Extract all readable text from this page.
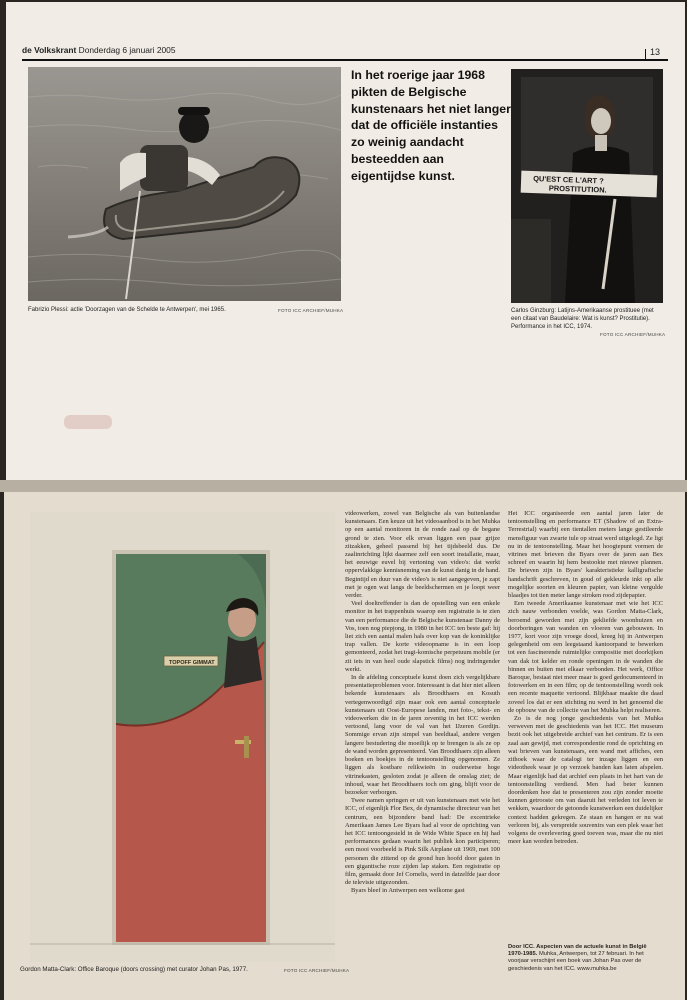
de Volkskrant Donderdag 6 januari 2005	13
Fabrizio Plessi: actie 'Doorzagen van de Schelde te Antwerpen', mei 1965.	FOTO ICC ARCHIEF/MUHKA
In het roerige jaar 1968 pikten de Belgische kunstenaars het niet langer dat de officiële instanties zo weinig aandacht besteedden aan eigentijdse kunst.	QU'EST CE L'ART ?
PROSTITUTION.
Carlos Ginzburg: Latijns-Amerikaanse prostituee (met een citaat van Baudelaire: Wat is kunst? Prostitutie). Performance in het ICC, 1974.
FOTO ICC ARCHIEF/MUHKA
TOPOFF GIMMAT
Gordon Matta-Clark: Office Baroque (doors crossing) met curator Johan Pas, 1977.	FOTO ICC ARCHIEF/MUHKA

videowerken, zowel van Belgische als van buitenlandse kunstenaars. Een keuze uit het videoaanbod is in het Muhka op een aantal monitoren in de ronde zaal op de begane grond te zien. Voor elk ervan liggen een paar grijze zitzakken, geheel passend bij het tijdsbeeld dus. De zaalinrichting lijkt daarmee zelf een soort installatie, maar, het eeuwige euvel bij vertoning van video's: dat werkt oppervlakkige kennisneming van de kunst danig in de hand. Begintijd en duur van de video's is niet aangegeven, je zapt met je ogen wat langs de beeldschermen en je loopt weer verder.

Veel doeltreffender is dan de opstelling van een enkele monitor in het trappenhuis waarop een registratie is te zien van een performance die de Belgische kunstenaar Danny de Vos, toen nog piepjong, in 1980 in het ICC ten beste gaf: hij liet zich een aantal malen hals over kop van de koninklijke trap vallen. De korte videoopname is in een loop gemonteerd, zodat het tragi-komische perpetuum mobile (er zit iets in van heel oude slapstick films) nog indringender werkt.

In de afdeling conceptuele kunst doen zich vergelijkbare presentatieproblemen voor. Interessant is dat hier niet alleen bekende kunstenaars als Broodthaers en Kosuth vertegenwoordigd zijn maar ook een aantal conceptuele kunstenaars uit Oost-Europese landen, met foto-, tekst- en videowerken die in de jaren zeventig in het ICC werden vertoond, lang voor de val van het IJzeren Gordijn. Sommige ervan zijn simpel van beeldtaal, andere vergen langere bestudering die moeilijk op te brengen is als ze op de wand worden gepresenteerd. Van Broodthaers zijn alleen boeken en boekjes in de tentoonstelling opgenomen. Ze liggen als kostbare relikwieën in ouderwetse hoge vitrinekasten, gesloten zodat je alleen de omslag ziet; de inhoud, waar het Broodthaers toch om ging, blijft voor de bezoeker verborgen.

Twee namen springen er uit van kunstenaars met wie het ICC, of eigenlijk Flor Bex, de dynamische directeur van het centrum, een bijzondere band had: De excentrieke Amerikaan James Lee Byars had al voor de oprichting van het ICC tentoongesteld in de Wide White Space en hij had performances gedaan waarin het publiek kon participeren; een mooi voorbeeld is Pink Silk Airplane uit 1969, met 100 personen die zittend op de grond hun hoofd door gaten in een gigantische roze zijden lap staken. Een registratie op film, gemaakt door Jef Cornelis, werd in datzelfde jaar door de televisie uitgezonden.

Byars bleef in Antwerpen een welkome gast

Het ICC organiseerde een aantal jaren later de tentoonstelling en performance ET (Shadow of an Extra-Terrestrial) waarbij een tientallen meters lange gestileerde mensfiguur van zwarte tule op straat werd uitgelegd. Ze ligt nu in de tentoonstelling. Maar het hoogtepunt vormen de vitrines met brieven die Byars over de jaren aan Bex schreef en waarin hij hem bestookte met nieuwe plannen. De brieven zijn in Byars' karakteristieke kalligrafische handschrift geschreven, in goud of gekleurde inkt op alle mogelijke soorten en kleuren papier, van kleine vergulde blaadjes tot tien meter lange stroken rood zijdepapier.

Een tweede Amerikaanse kunstenaar met wie het ICC zich nauw verbonden voelde, was Gordon Matta-Clark, beroemd geworden met zijn gekliefde woonhuizen en doorboringen van wanden en vloeren van gebouwen. In 1977, kort voor zijn vroege dood, kreeg hij in Antwerpen gelegenheid om een leegstaand kantoorpand te bewerken tot een fascinerende ruimtelijke compositie met doorkijken van dak tot kelder en ronde openingen in de wanden die binnen en buiten met elkaar verbonden. Het werk, Office Baroque, bestaat niet meer maar is goed gedocumenteerd in fotowerken en in een film; op de tentoonstelling wordt ook een recente maquette vertoond. Blijkbaar maakte die daad zoveel los dat er een stichting nu werd in het genoemd die de opbouw van de collectie van het Muhka helpt realiseren.

Zo is de nog jonge geschiedenis van het Muhka verweven met de geschiedenis van het ICC. Het museum bezit ook het uitgebreide archief van het centrum. Er is een zaal aan gewijd, met correspondentie rond de oprichting en wat brieven van kunstenaars, een wand met affiches, een zithoek waar de catalogi ter inzage liggen en een videotheek waar je op verzoek banden kan laten afspelen. Maar eigenlijk had dat archief een plaats in het hart van de tentoonstelling verdiend. Men had beter kunnen doordenken hoe dat te presenteren zou zijn zonder moeite kunnen getrooste om van daaruit het verleden tot leven te wekken, waardoor de getoonde kunstwerken een duidelijker context hadden gekregen. Ze staan en hangen er nu wat verloren bij, als verspreide souvenirs van een plek waar het volgens de overlevering goed toeven was, maar die nu niet meer kan worden betreden.

Door ICC. Aspecten van de actuele kunst in België 1970-1985. Muhka, Antwerpen, tot 27 februari. In het voorjaar verschijnt een boek van Johan Pas over de geschiedenis van het ICC. www.muhka.be
